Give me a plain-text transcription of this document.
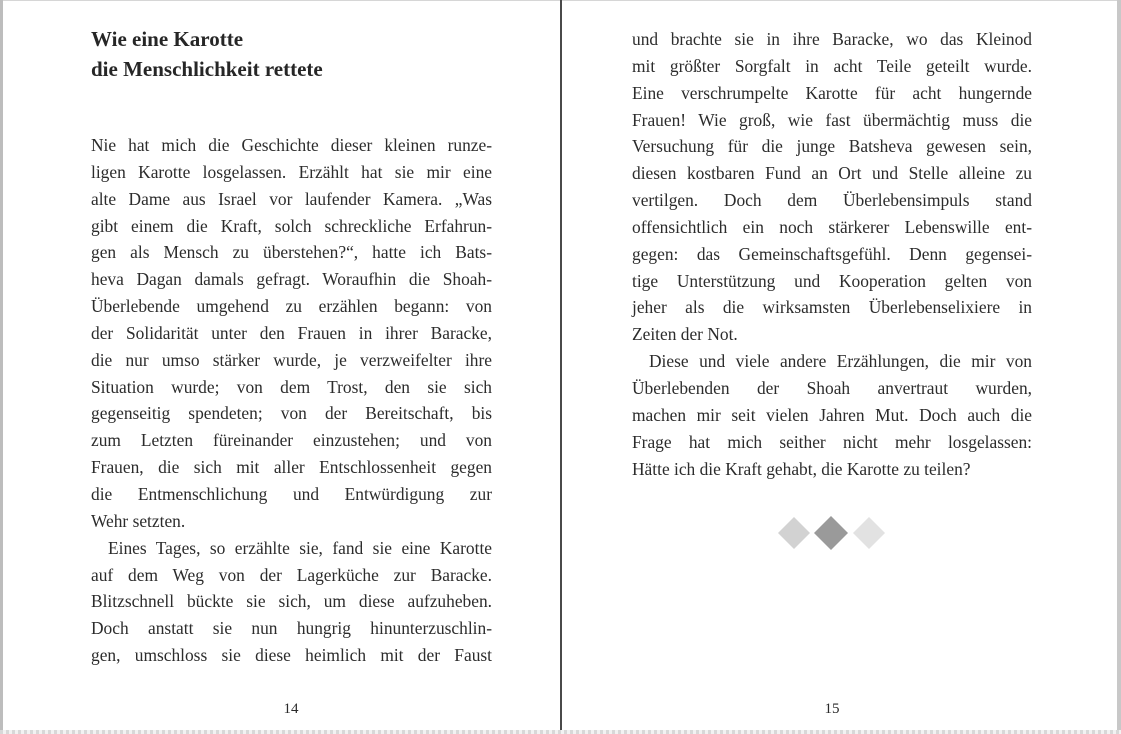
Wie eine Karotte
die Menschlichkeit rettete
Nie hat mich die Geschichte dieser kleinen runze-
ligen Karotte losgelassen. Erzählt hat sie mir eine
alte Dame aus Israel vor laufender Kamera. „Was
gibt einem die Kraft, solch schreckliche Erfahrun-
gen als Mensch zu überstehen?“, hatte ich Bats-
heva Dagan damals gefragt. Woraufhin die Shoah-
Überlebende umgehend zu erzählen begann: von
der Solidarität unter den Frauen in ihrer Baracke,
die nur umso stärker wurde, je verzweifelter ihre
Situation wurde; von dem Trost, den sie sich
gegenseitig spendeten; von der Bereitschaft, bis
zum Letzten füreinander einzustehen; und von
Frauen, die sich mit aller Entschlossenheit gegen
die Entmenschlichung und Entwürdigung zur
Wehr setzten.
Eines Tages, so erzählte sie, fand sie eine Karotte
auf dem Weg von der Lagerküche zur Baracke.
Blitzschnell bückte sie sich, um diese aufzuheben.
Doch anstatt sie nun hungrig hinunterzuschlin-
gen, umschloss sie diese heimlich mit der Faust
14
und brachte sie in ihre Baracke, wo das Kleinod
mit größter Sorgfalt in acht Teile geteilt wurde.
Eine verschrumpelte Karotte für acht hungernde
Frauen! Wie groß, wie fast übermächtig muss die
Versuchung für die junge Batsheva gewesen sein,
diesen kostbaren Fund an Ort und Stelle alleine zu
vertilgen. Doch dem Überlebensimpuls stand
offensichtlich ein noch stärkerer Lebenswille ent-
gegen: das Gemeinschaftsgefühl. Denn gegensei-
tige Unterstützung und Kooperation gelten von
jeher als die wirksamsten Überlebenselixiere in
Zeiten der Not.
Diese und viele andere Erzählungen, die mir von
Überlebenden der Shoah anvertraut wurden,
machen mir seit vielen Jahren Mut. Doch auch die
Frage hat mich seither nicht mehr losgelassen:
Hätte ich die Kraft gehabt, die Karotte zu teilen?
15
